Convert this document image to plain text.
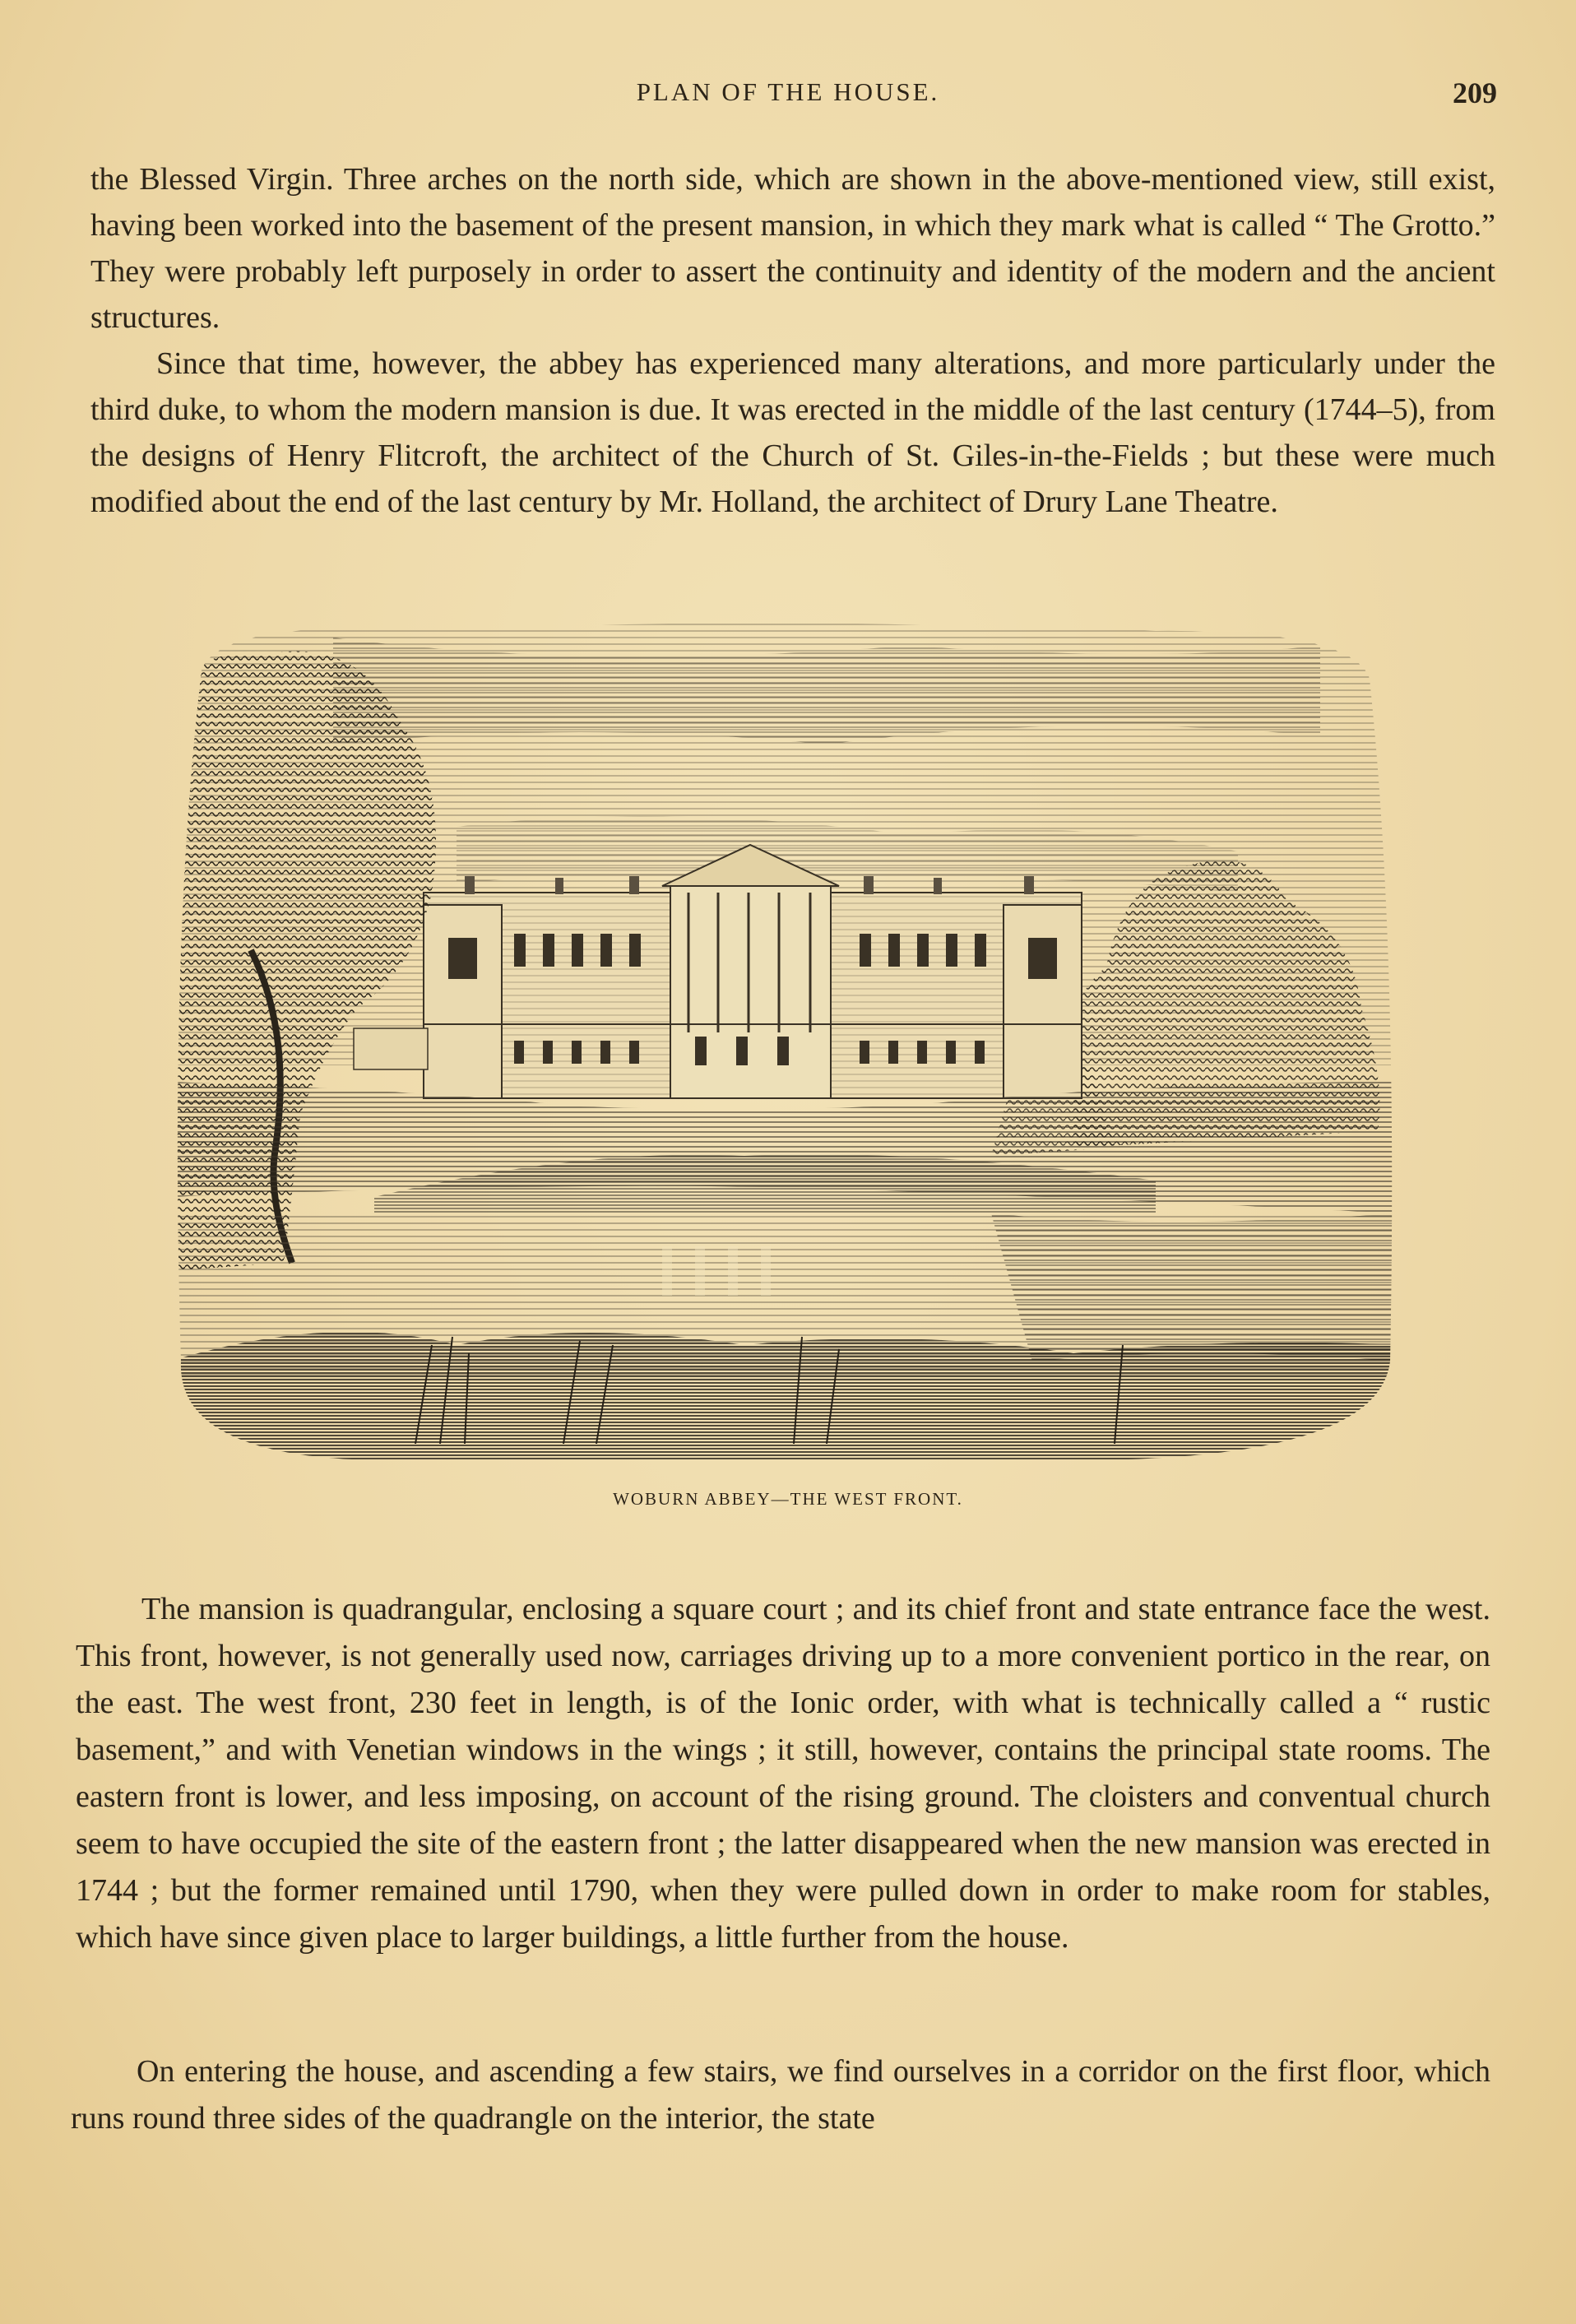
PLAN OF THE HOUSE.	209

the Blessed Virgin. Three arches on the north side, which are shown in the above-mentioned view, still exist, having been worked into the basement of the present mansion, in which they mark what is called “ The Grotto.” They were probably left purposely in order to assert the continuity and identity of the modern and the ancient structures.

Since that time, however, the abbey has experienced many alterations, and more particularly under the third duke, to whom the modern mansion is due. It was erected in the middle of the last century (1744–5), from the designs of Henry Flitcroft, the architect of the Church of St. Giles-in-the-Fields ; but these were much modified about the end of the last century by Mr. Holland, the architect of Drury Lane Theatre.

WOBURN ABBEY—THE WEST FRONT.

The mansion is quadrangular, enclosing a square court ; and its chief front and state entrance face the west. This front, however, is not generally used now, carriages driving up to a more convenient portico in the rear, on the east. The west front, 230 feet in length, is of the Ionic order, with what is technically called a “ rustic basement,” and with Venetian windows in the wings ; it still, however, contains the principal state rooms. The eastern front is lower, and less imposing, on account of the rising ground. The cloisters and conventual church seem to have occupied the site of the eastern front ; the latter disappeared when the new mansion was erected in 1744 ; but the former remained until 1790, when they were pulled down in order to make room for stables, which have since given place to larger buildings, a little further from the house.

On entering the house, and ascending a few stairs, we find ourselves in a corridor on the first floor, which runs round three sides of the quadrangle on the interior, the state
